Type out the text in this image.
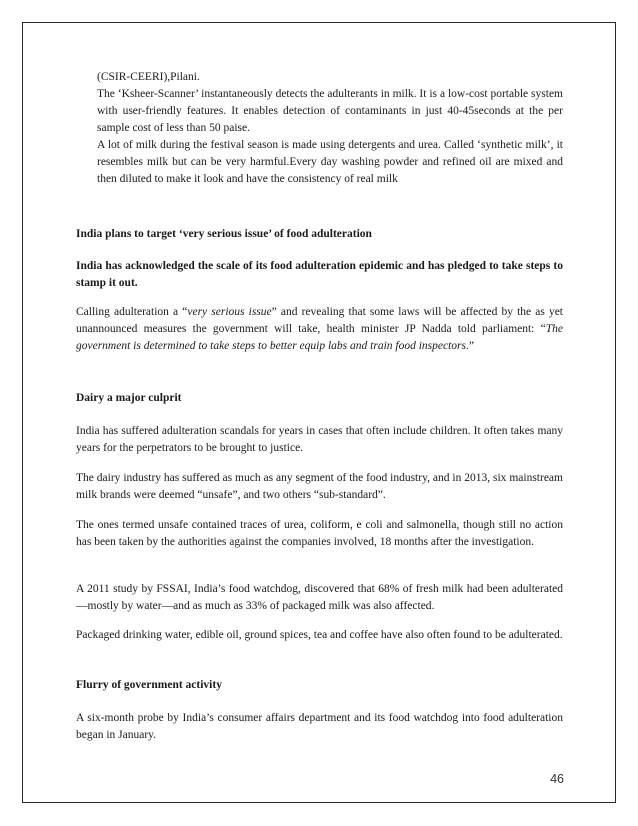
(CSIR-CEERI),Pilani.

The ‘Ksheer-Scanner’ instantaneously detects the adulterants in milk. It is a low-cost portable system with user-friendly features. It enables detection of contaminants in just 40-45seconds at the per sample cost of less than 50 paise.

A lot of milk during the festival season is made using detergents and urea. Called ‘synthetic milk’, it resembles milk but can be very harmful.Every day washing powder and refined oil are mixed and then diluted to make it look and have the consistency of real milk

India plans to target ‘very serious issue’ of food adulteration

India has acknowledged the scale of its food adulteration epidemic and has pledged to take steps to stamp it out.

Calling adulteration a “very serious issue” and revealing that some laws will be affected by the as yet unannounced measures the government will take, health minister JP Nadda told parliament: “The government is determined to take steps to better equip labs and train food inspectors.”

Dairy a major culprit

India has suffered adulteration scandals for years in cases that often include children. It often takes many years for the perpetrators to be brought to justice.

The dairy industry has suffered as much as any segment of the food industry, and in 2013, six mainstream milk brands were deemed “unsafe”, and two others “sub-standard”.

The ones termed unsafe contained traces of urea, coliform, e coli and salmonella, though still no action has been taken by the authorities against the companies involved, 18 months after the investigation.

A 2011 study by FSSAI, India’s food watchdog, discovered that 68% of fresh milk had been adulterated—mostly by water—and as much as 33% of packaged milk was also affected.

Packaged drinking water, edible oil, ground spices, tea and coffee have also often found to be adulterated.

Flurry of government activity

A six-month probe by India’s consumer affairs department and its food watchdog into food adulteration began in January.

46
